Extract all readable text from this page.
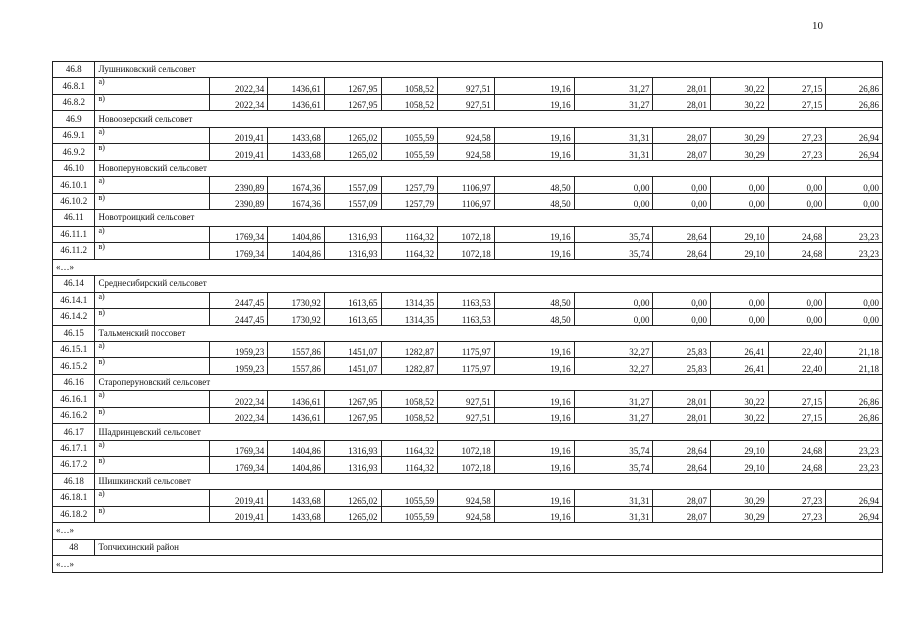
10
46.8	Лушниковский сельсовет											
46.8.1	а)	2022,34	1436,61	1267,95	1058,52	927,51	19,16	31,27	28,01	30,22	27,15	26,86
46.8.2	в)	2022,34	1436,61	1267,95	1058,52	927,51	19,16	31,27	28,01	30,22	27,15	26,86
46.9	Новоозерский сельсовет											
46.9.1	а)	2019,41	1433,68	1265,02	1055,59	924,58	19,16	31,31	28,07	30,29	27,23	26,94
46.9.2	в)	2019,41	1433,68	1265,02	1055,59	924,58	19,16	31,31	28,07	30,29	27,23	26,94
46.10	Новоперуновский сельсовет											
46.10.1	а)	2390,89	1674,36	1557,09	1257,79	1106,97	48,50	0,00	0,00	0,00	0,00	0,00
46.10.2	в)	2390,89	1674,36	1557,09	1257,79	1106,97	48,50	0,00	0,00	0,00	0,00	0,00
46.11	Новотроицкий сельсовет											
46.11.1	а)	1769,34	1404,86	1316,93	1164,32	1072,18	19,16	35,74	28,64	29,10	24,68	23,23
46.11.2	в)	1769,34	1404,86	1316,93	1164,32	1072,18	19,16	35,74	28,64	29,10	24,68	23,23
«…»												
46.14	Среднесибирский сельсовет											
46.14.1	а)	2447,45	1730,92	1613,65	1314,35	1163,53	48,50	0,00	0,00	0,00	0,00	0,00
46.14.2	в)	2447,45	1730,92	1613,65	1314,35	1163,53	48,50	0,00	0,00	0,00	0,00	0,00
46.15	Тальменский поссовет											
46.15.1	а)	1959,23	1557,86	1451,07	1282,87	1175,97	19,16	32,27	25,83	26,41	22,40	21,18
46.15.2	в)	1959,23	1557,86	1451,07	1282,87	1175,97	19,16	32,27	25,83	26,41	22,40	21,18
46.16	Староперуновский сельсовет											
46.16.1	а)	2022,34	1436,61	1267,95	1058,52	927,51	19,16	31,27	28,01	30,22	27,15	26,86
46.16.2	в)	2022,34	1436,61	1267,95	1058,52	927,51	19,16	31,27	28,01	30,22	27,15	26,86
46.17	Шадринцевский сельсовет											
46.17.1	а)	1769,34	1404,86	1316,93	1164,32	1072,18	19,16	35,74	28,64	29,10	24,68	23,23
46.17.2	в)	1769,34	1404,86	1316,93	1164,32	1072,18	19,16	35,74	28,64	29,10	24,68	23,23
46.18	Шишкинский сельсовет											
46.18.1	а)	2019,41	1433,68	1265,02	1055,59	924,58	19,16	31,31	28,07	30,29	27,23	26,94
46.18.2	в)	2019,41	1433,68	1265,02	1055,59	924,58	19,16	31,31	28,07	30,29	27,23	26,94
«…»												
48	Топчихинский район											
«…»												
